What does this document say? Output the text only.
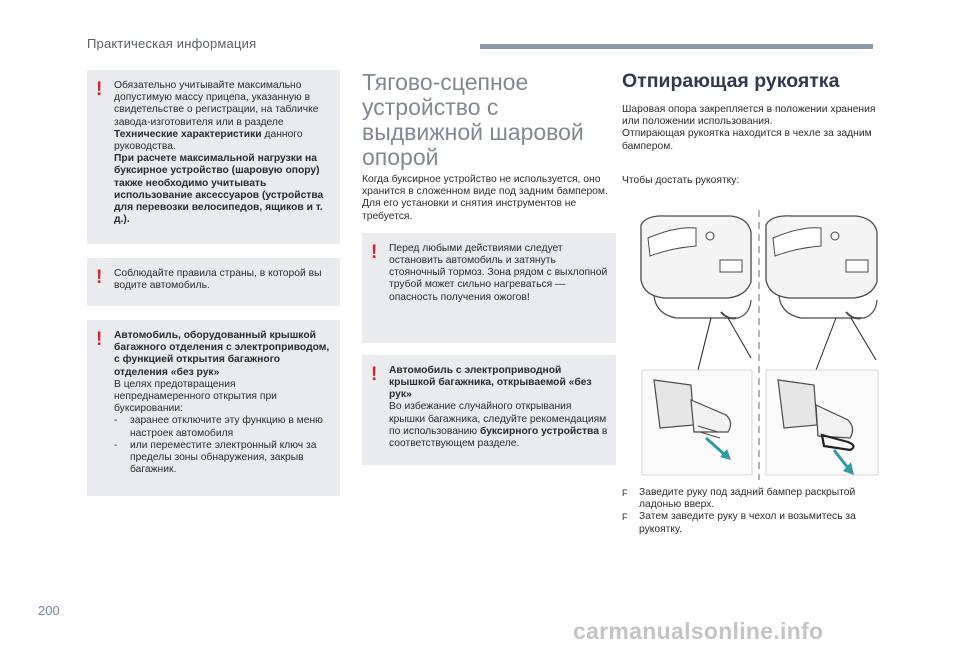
Практическая информация
! Обязательно учитывайте максимально допустимую массу прицепа, указанную в свидетельстве о регистрации, на табличке завода-изготовителя или в разделе Технические характеристики данного руководства.

При расчете максимальной нагрузки на буксирное устройство (шаровую опору) также необходимо учитывать использование аксессуаров (устройства для перевозки велосипедов, ящиков и т. д.).

! Соблюдайте правила страны, в которой вы водите автомобиль.

! Автомобиль, оборудованный крышкой багажного отделения с электроприводом, с функцией открытия багажного отделения «без рук»

В целях предотвращения непреднамеренного открытия при буксировании:

-	заранее отключите эту функцию в меню настроек автомобиля
-	или переместите электронный ключ за пределы зоны обнаружения, закрыв багажник.
Тягово-сцепное устройство с выдвижной шаровой опорой

Когда буксирное устройство не используется, оно хранится в сложенном виде под задним бампером. Для его установки и снятия инструментов не требуется.

! Перед любыми действиями следует остановить автомобиль и затянуть стояночный тормоз. Зона рядом с выхлопной трубой может сильно нагреваться — опасность получения ожогов!

! Автомобиль с электроприводной крышкой багажника, открываемой «без рук»

Во избежание случайного открывания крышки багажника, следуйте рекомендациям по использованию буксирного устройства в соответствующем разделе.

Отпирающая рукоятка

Шаровая опора закрепляется в положении хранения или положении использования.

Отпирающая рукоятка находится в чехле за задним бампером.

Чтобы достать рукоятку:

F	Заведите руку под задний бампер раскрытой ладонью вверх.
F	Затем заведите руку в чехол и возьмитесь за рукоятку.
200
carmanualsonline.info
